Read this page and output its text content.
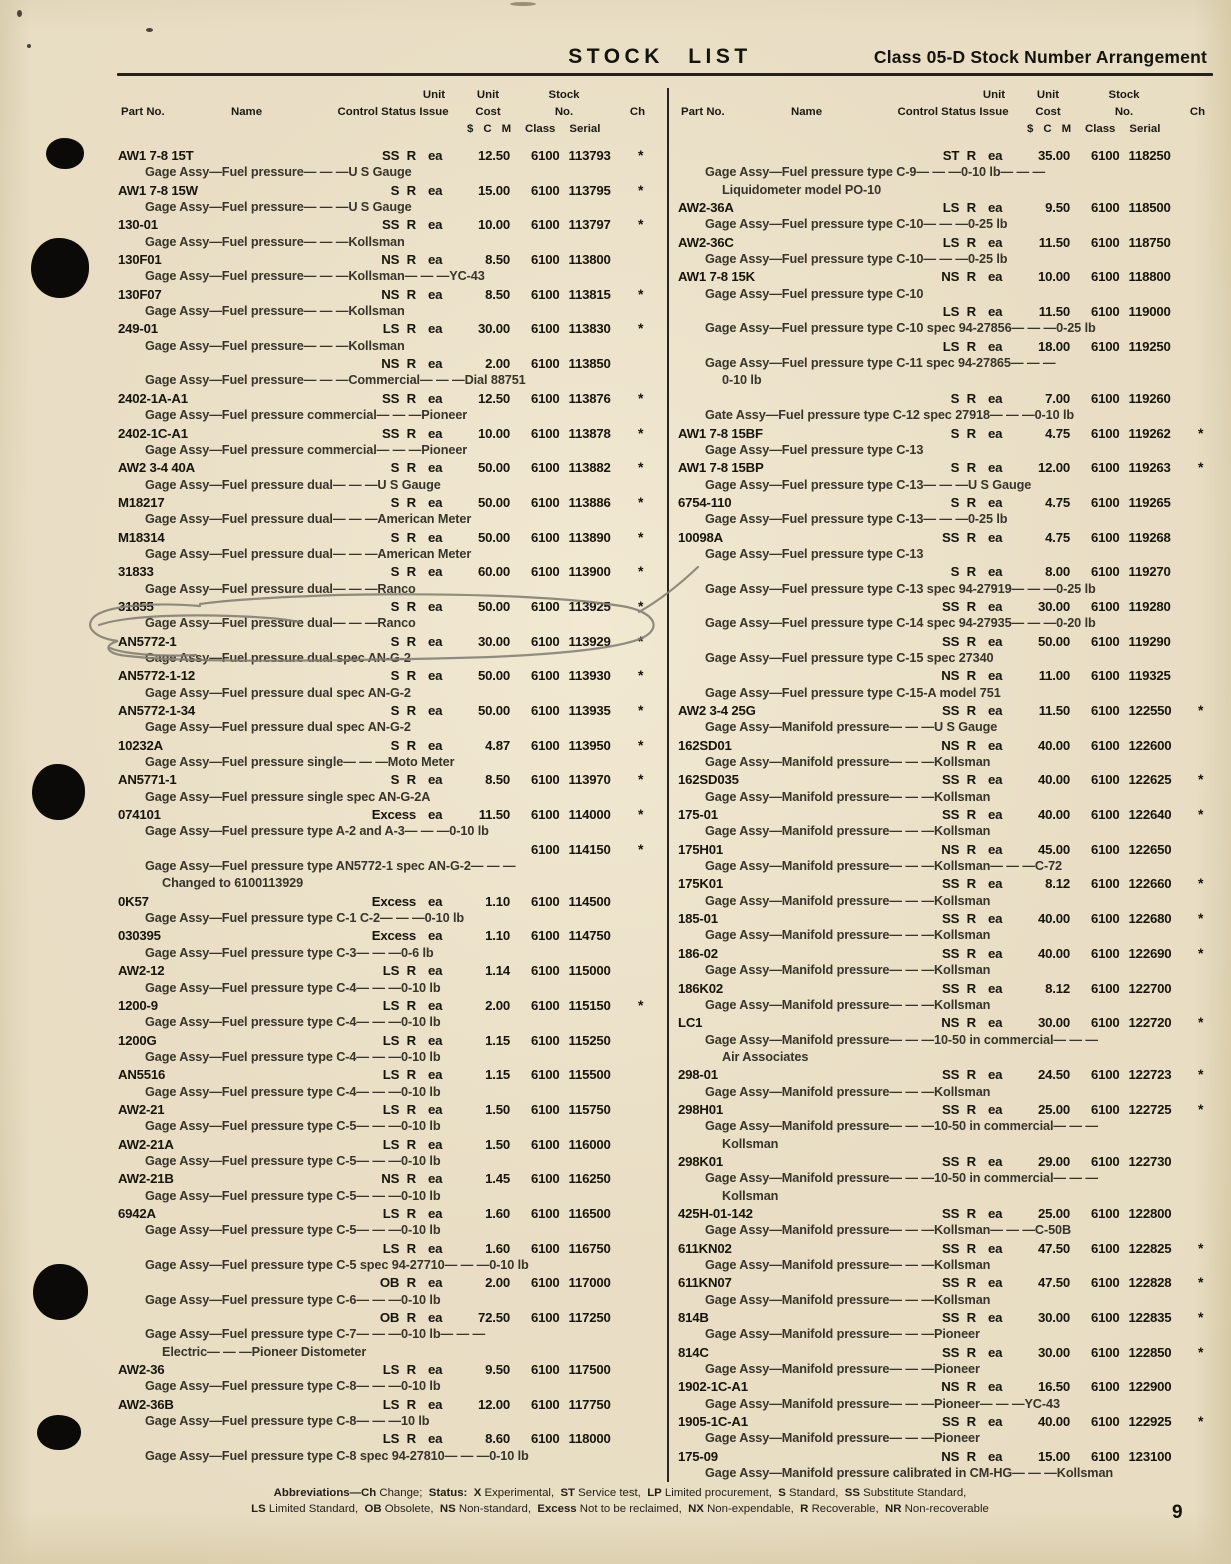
STOCK LIST	Class 05-D Stock Number Arrangement
Unit	Unit	Stock
Part No.	Name	Control Status Issue	Cost	No.	Ch
$ C M Class Serial
AW1 7-8 15T	SS R ea	12.50	6100 113793	*
Gage Assy—Fuel pressure— — —U S Gauge
AW1 7-8 15W	S R ea	15.00	6100 113795	*
Gage Assy—Fuel pressure— — —U S Gauge
130-01	SS R ea	10.00	6100 113797	*
Gage Assy—Fuel pressure— — —Kollsman
130F01	NS R ea	8.50	6100 113800
Gage Assy—Fuel pressure— — —Kollsman— — —YC-43
130F07	NS R ea	8.50	6100 113815	*
Gage Assy—Fuel pressure— — —Kollsman
249-01	LS R ea	30.00	6100 113830	*
Gage Assy—Fuel pressure— — —Kollsman
NS R ea	2.00	6100 113850
Gage Assy—Fuel pressure— — —Commercial— — —Dial 88751
2402-1A-A1	SS R ea	12.50	6100 113876	*
Gage Assy—Fuel pressure commercial— — —Pioneer
2402-1C-A1	SS R ea	10.00	6100 113878	*
Gage Assy—Fuel pressure commercial— — —Pioneer
AW2 3-4 40A	S R ea	50.00	6100 113882	*
Gage Assy—Fuel pressure dual— — —U S Gauge
M18217	S R ea	50.00	6100 113886	*
Gage Assy—Fuel pressure dual— — —American Meter
M18314	S R ea	50.00	6100 113890	*
Gage Assy—Fuel pressure dual— — —American Meter
31833	S R ea	60.00	6100 113900	*
Gage Assy—Fuel pressure dual— — —Ranco
31855	S R ea	50.00	6100 113925	*
Gage Assy—Fuel pressure dual— — —Ranco
AN5772-1	S R ea	30.00	6100 113929	*
Gage Assy—Fuel pressure dual spec AN-G-2
AN5772-1-12	S R ea	50.00	6100 113930	*
Gage Assy—Fuel pressure dual spec AN-G-2
AN5772-1-34	S R ea	50.00	6100 113935	*
Gage Assy—Fuel pressure dual spec AN-G-2
10232A	S R ea	4.87	6100 113950	*
Gage Assy—Fuel pressure single— — —Moto Meter
AN5771-1	S R ea	8.50	6100 113970	*
Gage Assy—Fuel pressure single spec AN-G-2A
074101	Excess ea	11.50	6100 114000	*
Gage Assy—Fuel pressure type A-2 and A-3— — —0-10 lb
6100 114150	*
Gage Assy—Fuel pressure type AN5772-1 spec AN-G-2— — —
Changed to 6100113929
0K57	Excess ea	1.10	6100 114500
Gage Assy—Fuel pressure type C-1 C-2— — —0-10 lb
030395	Excess ea	1.10	6100 114750
Gage Assy—Fuel pressure type C-3— — —0-6 lb
AW2-12	LS R ea	1.14	6100 115000
Gage Assy—Fuel pressure type C-4— — —0-10 lb
1200-9	LS R ea	2.00	6100 115150	*
Gage Assy—Fuel pressure type C-4— — —0-10 lb
1200G	LS R ea	1.15	6100 115250
Gage Assy—Fuel pressure type C-4— — —0-10 lb
AN5516	LS R ea	1.15	6100 115500
Gage Assy—Fuel pressure type C-4— — —0-10 lb
AW2-21	LS R ea	1.50	6100 115750
Gage Assy—Fuel pressure type C-5— — —0-10 lb
AW2-21A	LS R ea	1.50	6100 116000
Gage Assy—Fuel pressure type C-5— — —0-10 lb
AW2-21B	NS R ea	1.45	6100 116250
Gage Assy—Fuel pressure type C-5— — —0-10 lb
6942A	LS R ea	1.60	6100 116500
Gage Assy—Fuel pressure type C-5— — —0-10 lb
LS R ea	1.60	6100 116750
Gage Assy—Fuel pressure type C-5 spec 94-27710— — —0-10 lb
OB R ea	2.00	6100 117000
Gage Assy—Fuel pressure type C-6— — —0-10 lb
OB R ea	72.50	6100 117250
Gage Assy—Fuel pressure type C-7— — —0-10 lb— — —
Electric— — —Pioneer Distometer
AW2-36	LS R ea	9.50	6100 117500
Gage Assy—Fuel pressure type C-8— — —0-10 lb
AW2-36B	LS R ea	12.00	6100 117750
Gage Assy—Fuel pressure type C-8— — —10 lb
LS R ea	8.60	6100 118000
Gage Assy—Fuel pressure type C-8 spec 94-27810— — —0-10 lb
ST R ea	35.00	6100 118250
Gage Assy—Fuel pressure type C-9— — —0-10 lb— — —
Liquidometer model PO-10
AW2-36A	LS R ea	9.50	6100 118500
Gage Assy—Fuel pressure type C-10— — —0-25 lb
AW2-36C	LS R ea	11.50	6100 118750
Gage Assy—Fuel pressure type C-10— — —0-25 lb
AW1 7-8 15K	NS R ea	10.00	6100 118800
Gage Assy—Fuel pressure type C-10
LS R ea	11.50	6100 119000
Gage Assy—Fuel pressure type C-10 spec 94-27856— — —0-25 lb
LS R ea	18.00	6100 119250
Gage Assy—Fuel pressure type C-11 spec 94-27865— — —
0-10 lb
S R ea	7.00	6100 119260
Gate Assy—Fuel pressure type C-12 spec 27918— — —0-10 lb
AW1 7-8 15BF	S R ea	4.75	6100 119262	*
Gage Assy—Fuel pressure type C-13
AW1 7-8 15BP	S R ea	12.00	6100 119263	*
Gage Assy—Fuel pressure type C-13— — —U S Gauge
6754-110	S R ea	4.75	6100 119265
Gage Assy—Fuel pressure type C-13— — —0-25 lb
10098A	SS R ea	4.75	6100 119268
Gage Assy—Fuel pressure type C-13
S R ea	8.00	6100 119270
Gage Assy—Fuel pressure type C-13 spec 94-27919— — —0-25 lb
SS R ea	30.00	6100 119280
Gage Assy—Fuel pressure type C-14 spec 94-27935— — —0-20 lb
SS R ea	50.00	6100 119290
Gage Assy—Fuel pressure type C-15 spec 27340
NS R ea	11.00	6100 119325
Gage Assy—Fuel pressure type C-15-A model 751
AW2 3-4 25G	SS R ea	11.50	6100 122550	*
Gage Assy—Manifold pressure— — —U S Gauge
162SD01	NS R ea	40.00	6100 122600
Gage Assy—Manifold pressure— — —Kollsman
162SD035	SS R ea	40.00	6100 122625	*
Gage Assy—Manifold pressure— — —Kollsman
175-01	SS R ea	40.00	6100 122640	*
Gage Assy—Manifold pressure— — —Kollsman
175H01	NS R ea	45.00	6100 122650
Gage Assy—Manifold pressure— — —Kollsman— — —C-72
175K01	SS R ea	8.12	6100 122660	*
Gage Assy—Manifold pressure— — —Kollsman
185-01	SS R ea	40.00	6100 122680	*
Gage Assy—Manifold pressure— — —Kollsman
186-02	SS R ea	40.00	6100 122690	*
Gage Assy—Manifold pressure— — —Kollsman
186K02	SS R ea	8.12	6100 122700
Gage Assy—Manifold pressure— — —Kollsman
LC1	NS R ea	30.00	6100 122720	*
Gage Assy—Manifold pressure— — —10-50 in commercial— — —
Air Associates
298-01	SS R ea	24.50	6100 122723	*
Gage Assy—Manifold pressure— — —Kollsman
298H01	SS R ea	25.00	6100 122725	*
Gage Assy—Manifold pressure— — —10-50 in commercial— — —
Kollsman
298K01	SS R ea	29.00	6100 122730
Gage Assy—Manifold pressure— — —10-50 in commercial— — —
Kollsman
425H-01-142	SS R ea	25.00	6100 122800
Gage Assy—Manifold pressure— — —Kollsman— — —C-50B
611KN02	SS R ea	47.50	6100 122825	*
Gage Assy—Manifold pressure— — —Kollsman
611KN07	SS R ea	47.50	6100 122828	*
Gage Assy—Manifold pressure— — —Kollsman
814B	SS R ea	30.00	6100 122835	*
Gage Assy—Manifold pressure— — —Pioneer
814C	SS R ea	30.00	6100 122850	*
Gage Assy—Manifold pressure— — —Pioneer
1902-1C-A1	NS R ea	16.50	6100 122900
Gage Assy—Manifold pressure— — —Pioneer— — —YC-43
1905-1C-A1	SS R ea	40.00	6100 122925	*
Gage Assy—Manifold pressure— — —Pioneer
175-09	NS R ea	15.00	6100 123100
Gage Assy—Manifold pressure calibrated in CM-HG— — —Kollsman
Abbreviations—Ch Change;  Status: X Experimental,  ST Service test,  LP Limited procurement,  S Standard,  SS Substitute Standard,
LS Limited Standard,  OB Obsolete,  NS Non-standard,  Excess Not to be reclaimed,  NX Non-expendable,  R Recoverable,  NR Non-recoverable	9
Unit	Unit	Stock
Part No.	Name	Control Status Issue	Cost	No.	Ch
$ C M Class Serial
